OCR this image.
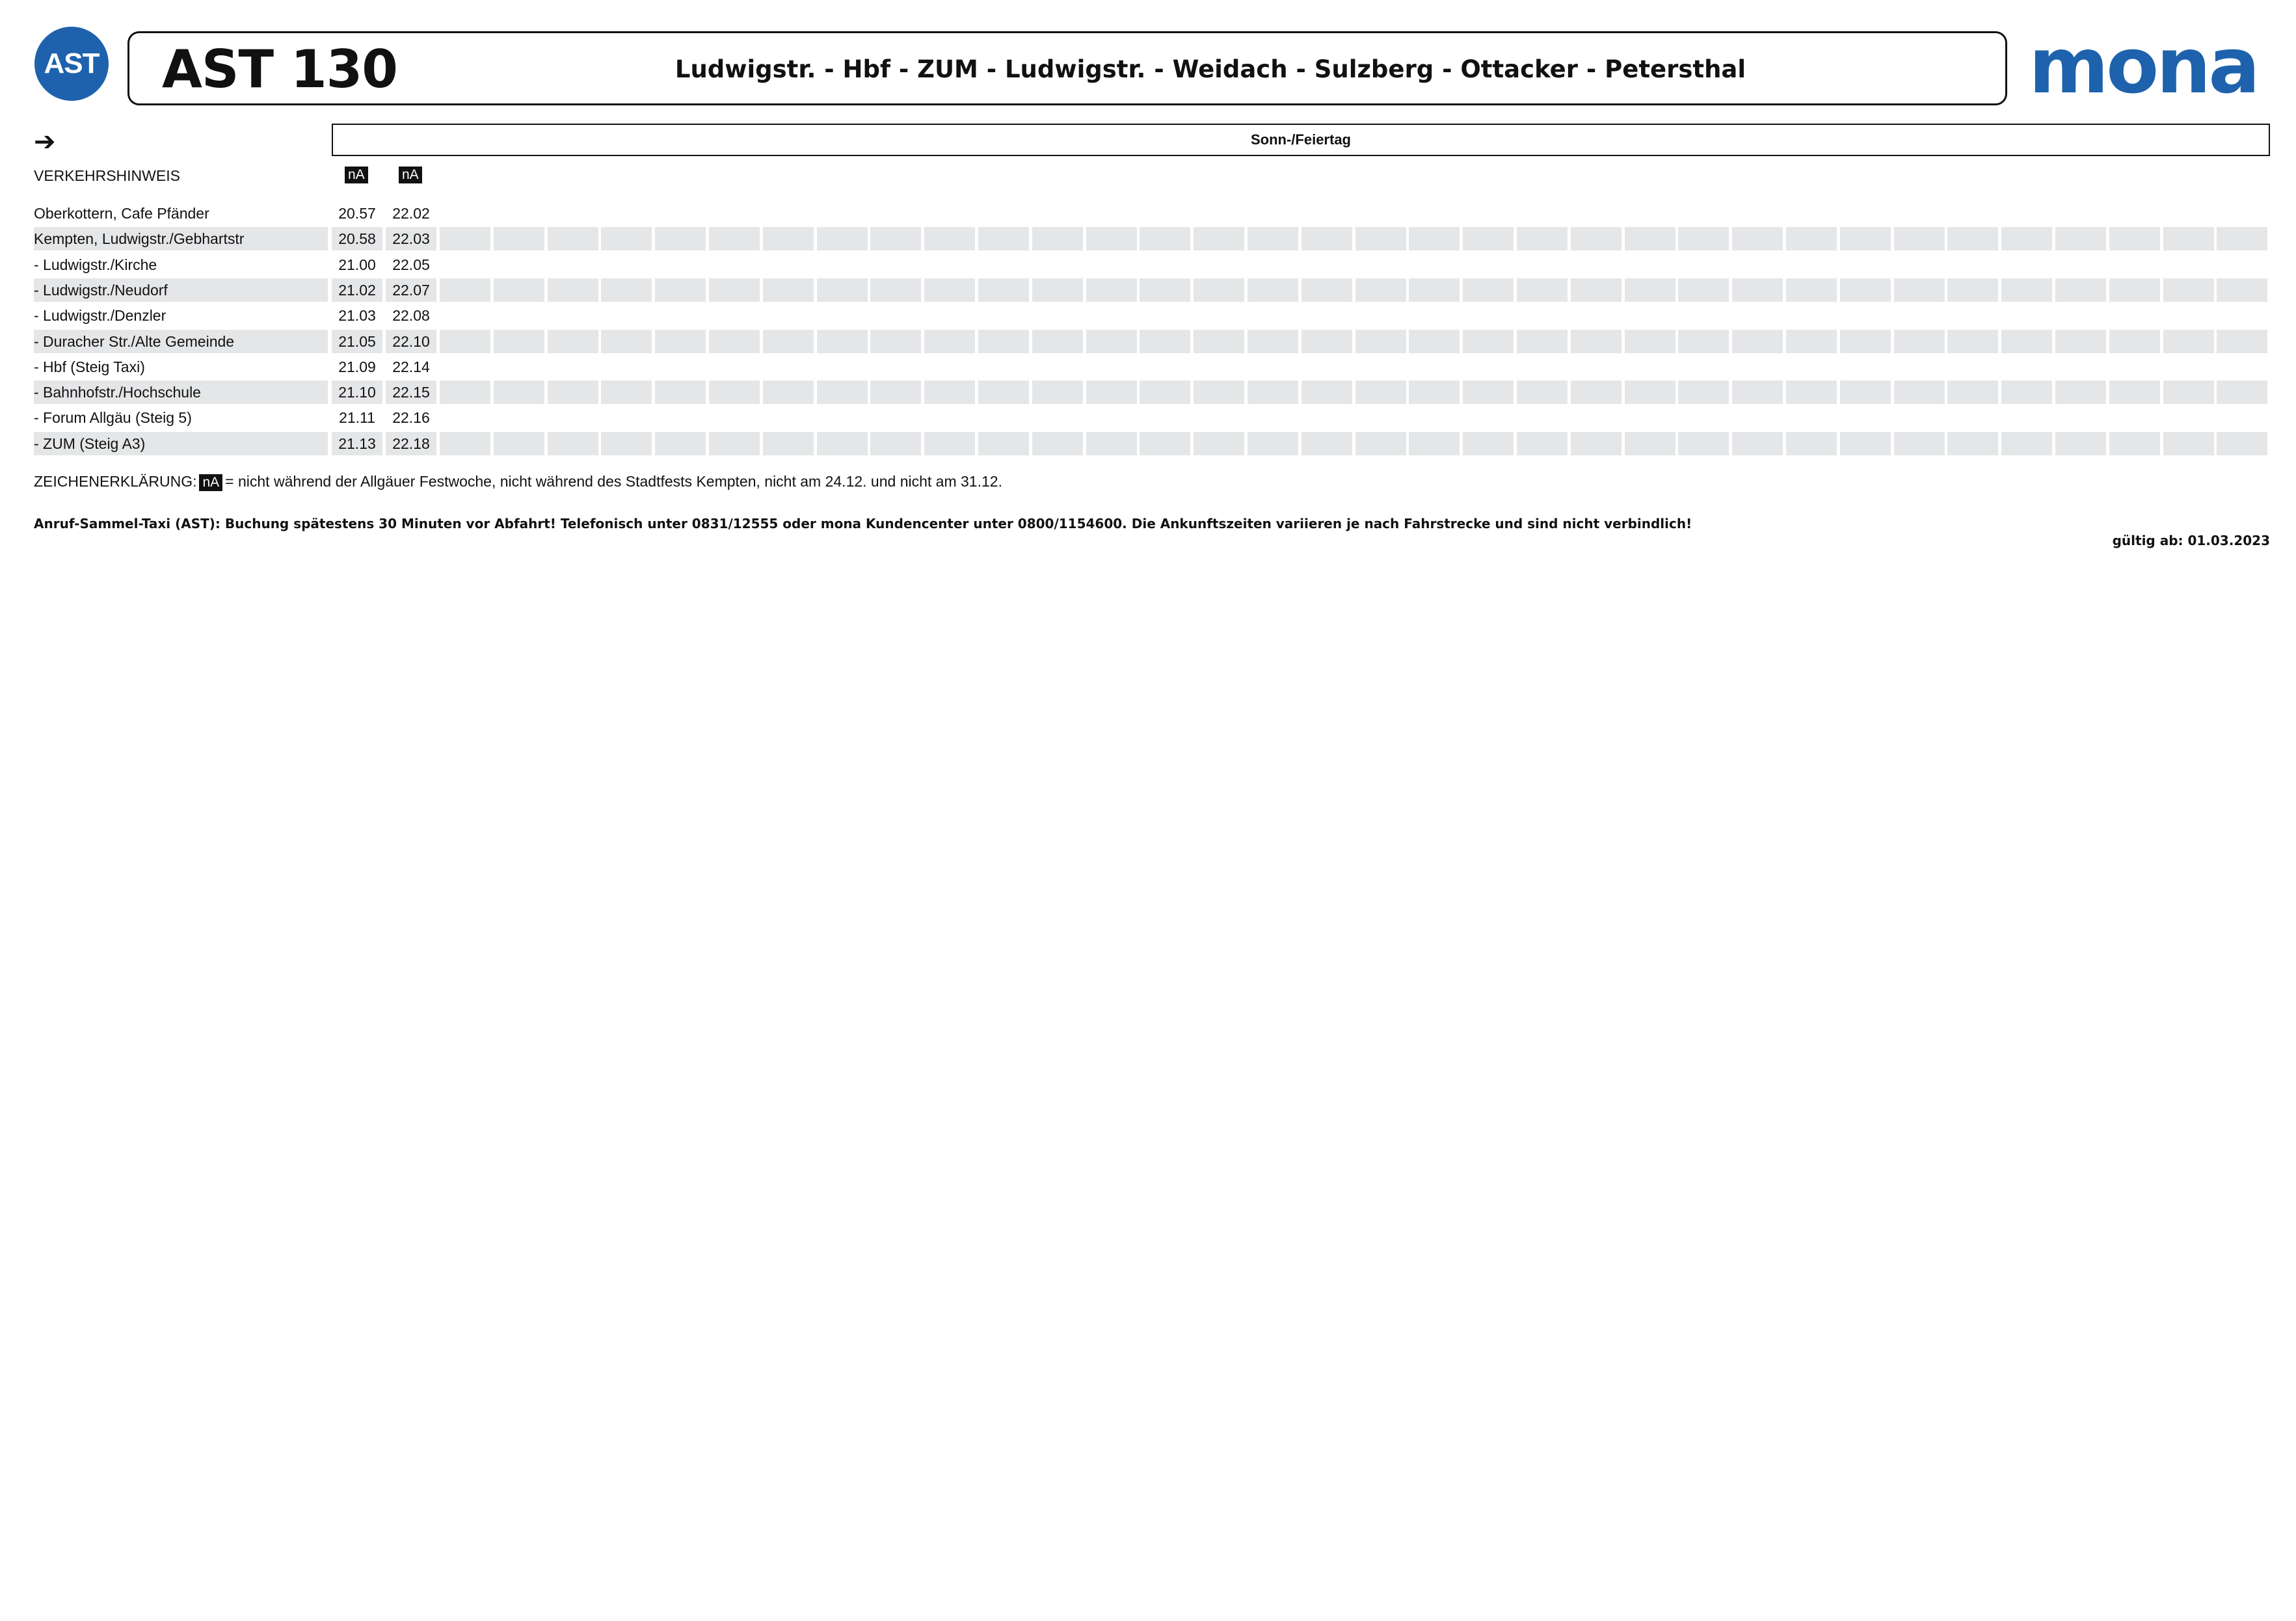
AST AST 130	Ludwigstr. - Hbf - ZUM - Ludwigstr. - Weidach - Sulzberg - Ottacker - Petersthal	mona
➔	Sonn-/Feiertag
VERKEHRSHINWEIS	nA	nA
Oberkottern, Cafe Pfänder	20.57	22.02
Kempten, Ludwigstr./Gebhartstr	20.58	22.03
- Ludwigstr./Kirche	21.00	22.05
- Ludwigstr./Neudorf	21.02	22.07
- Ludwigstr./Denzler	21.03	22.08
- Duracher Str./Alte Gemeinde	21.05	22.10
- Hbf (Steig Taxi)	21.09	22.14
- Bahnhofstr./Hochschule	21.10	22.15
- Forum Allgäu (Steig 5)	21.11	22.16
- ZUM (Steig A3)	21.13	22.18
ZEICHENERKLÄRUNG: nA = nicht während der Allgäuer Festwoche, nicht während des Stadtfests Kempten, nicht am 24.12. und nicht am 31.12.
Anruf-Sammel-Taxi (AST): Buchung spätestens 30 Minuten vor Abfahrt! Telefonisch unter 0831/12555 oder mona Kundencenter unter 0800/1154600. Die Ankunftszeiten variieren je nach Fahrstrecke und sind nicht verbindlich!
gültig ab: 01.03.2023
